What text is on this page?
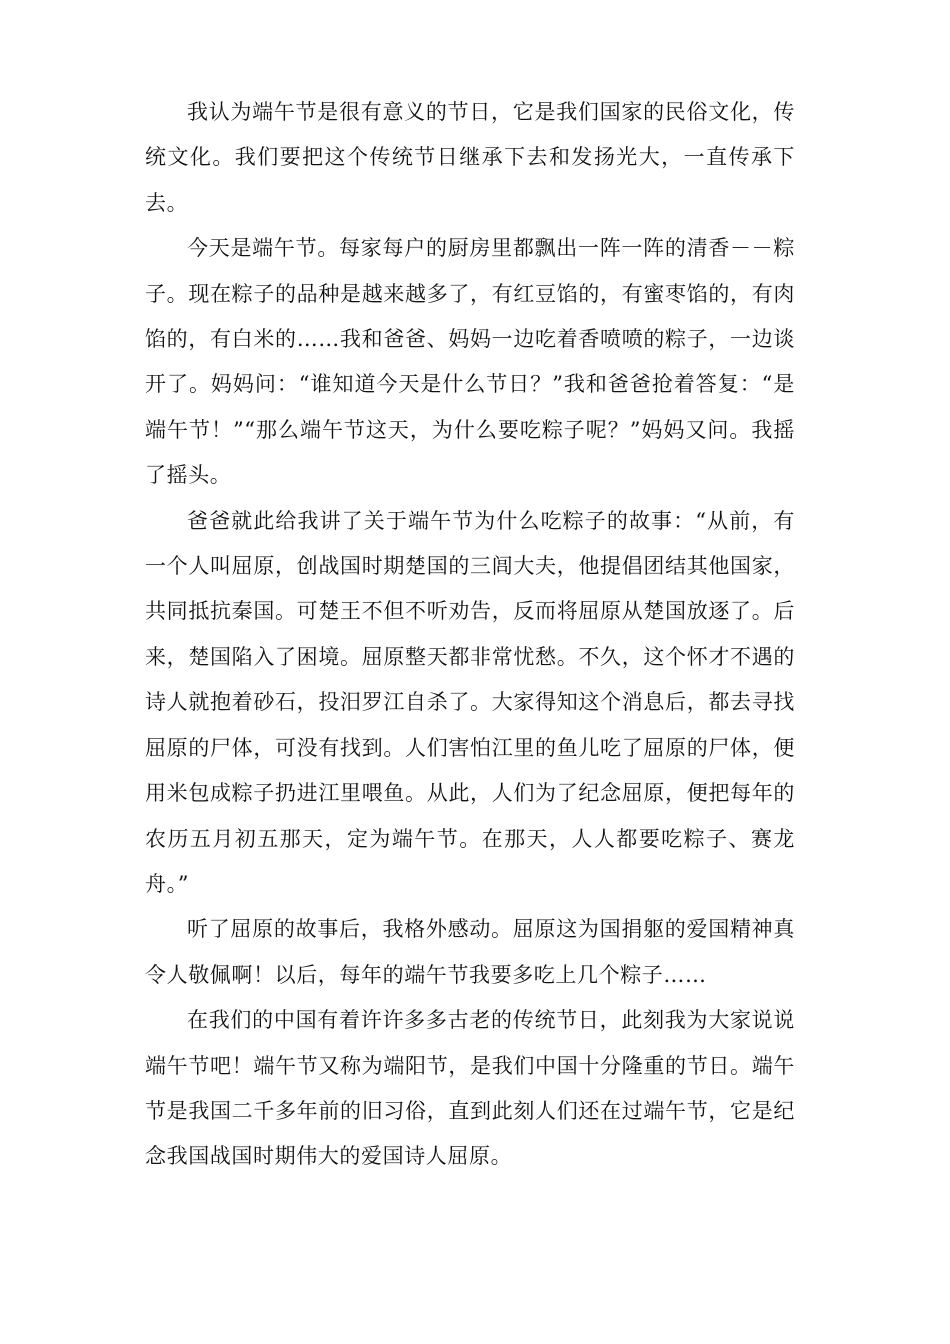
我认为端午节是很有意义的节日，它是我们国家的民俗文化，传统文化。我们要把这个传统节日继承下去和发扬光大，一直传承下去。

今天是端午节。每家每户的厨房里都飘出一阵一阵的清香－－粽子。现在粽子的品种是越来越多了，有红豆馅的，有蜜枣馅的，有肉馅的，有白米的……我和爸爸、妈妈一边吃着香喷喷的粽子，一边谈开了。妈妈问：“谁知道今天是什么节日？”我和爸爸抢着答复：“是端午节！”“那么端午节这天，为什么要吃粽子呢？”妈妈又问。我摇了摇头。

爸爸就此给我讲了关于端午节为什么吃粽子的故事：“从前，有一个人叫屈原，创战国时期楚国的三闾大夫，他提倡团结其他国家，共同抵抗秦国。可楚王不但不听劝告，反而将屈原从楚国放逐了。后来，楚国陷入了困境。屈原整天都非常忧愁。不久，这个怀才不遇的诗人就抱着砂石，投汨罗江自杀了。大家得知这个消息后，都去寻找屈原的尸体，可没有找到。人们害怕江里的鱼儿吃了屈原的尸体，便用米包成粽子扔进江里喂鱼。从此，人们为了纪念屈原，便把每年的农历五月初五那天，定为端午节。在那天，人人都要吃粽子、赛龙舟。”

听了屈原的故事后，我格外感动。屈原这为国捐躯的爱国精神真令人敬佩啊！以后，每年的端午节我要多吃上几个粽子……

在我们的中国有着许许多多古老的传统节日，此刻我为大家说说端午节吧！端午节又称为端阳节，是我们中国十分隆重的节日。端午节是我国二千多年前的旧习俗，直到此刻人们还在过端午节，它是纪念我国战国时期伟大的爱国诗人屈原。
